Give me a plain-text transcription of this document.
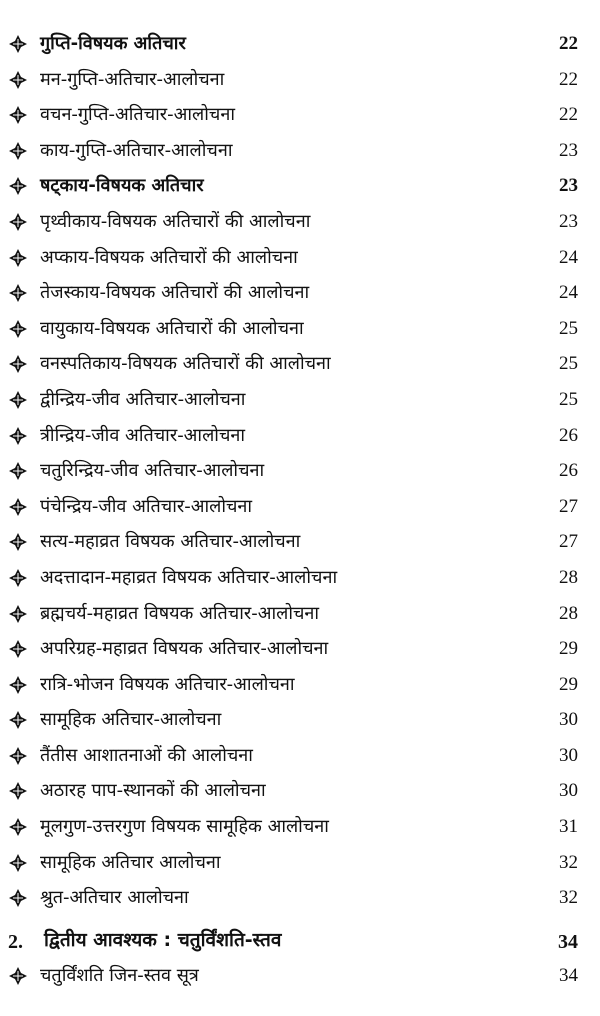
गुप्ति-विषयक अतिचार	22
मन-गुप्ति-अतिचार-आलोचना	22
वचन-गुप्ति-अतिचार-आलोचना	22
काय-गुप्ति-अतिचार-आलोचना	23
षट्काय-विषयक अतिचार	23
पृथ्वीकाय-विषयक अतिचारों की आलोचना	23
अप्काय-विषयक अतिचारों की आलोचना	24
तेजस्काय-विषयक अतिचारों की आलोचना	24
वायुकाय-विषयक अतिचारों की आलोचना	25
वनस्पतिकाय-विषयक अतिचारों की आलोचना	25
द्वीन्द्रिय-जीव अतिचार-आलोचना	25
त्रीन्द्रिय-जीव अतिचार-आलोचना	26
चतुरिन्द्रिय-जीव अतिचार-आलोचना	26
पंचेन्द्रिय-जीव अतिचार-आलोचना	27
सत्य-महाव्रत विषयक अतिचार-आलोचना	27
अदत्तादान-महाव्रत विषयक अतिचार-आलोचना	28
ब्रह्मचर्य-महाव्रत विषयक अतिचार-आलोचना	28
अपरिग्रह-महाव्रत विषयक अतिचार-आलोचना	29
रात्रि-भोजन विषयक अतिचार-आलोचना	29
सामूहिक अतिचार-आलोचना	30
तैंतीस आशातनाओं की आलोचना	30
अठारह पाप-स्थानकों की आलोचना	30
मूलगुण-उत्तरगुण विषयक सामूहिक आलोचना	31
सामूहिक अतिचार आलोचना	32
श्रुत-अतिचार आलोचना	32
2. द्वितीय आवश्यक : चतुर्विंशति-स्तव	34
चतुर्विंशति जिन-स्तव सूत्र	34
